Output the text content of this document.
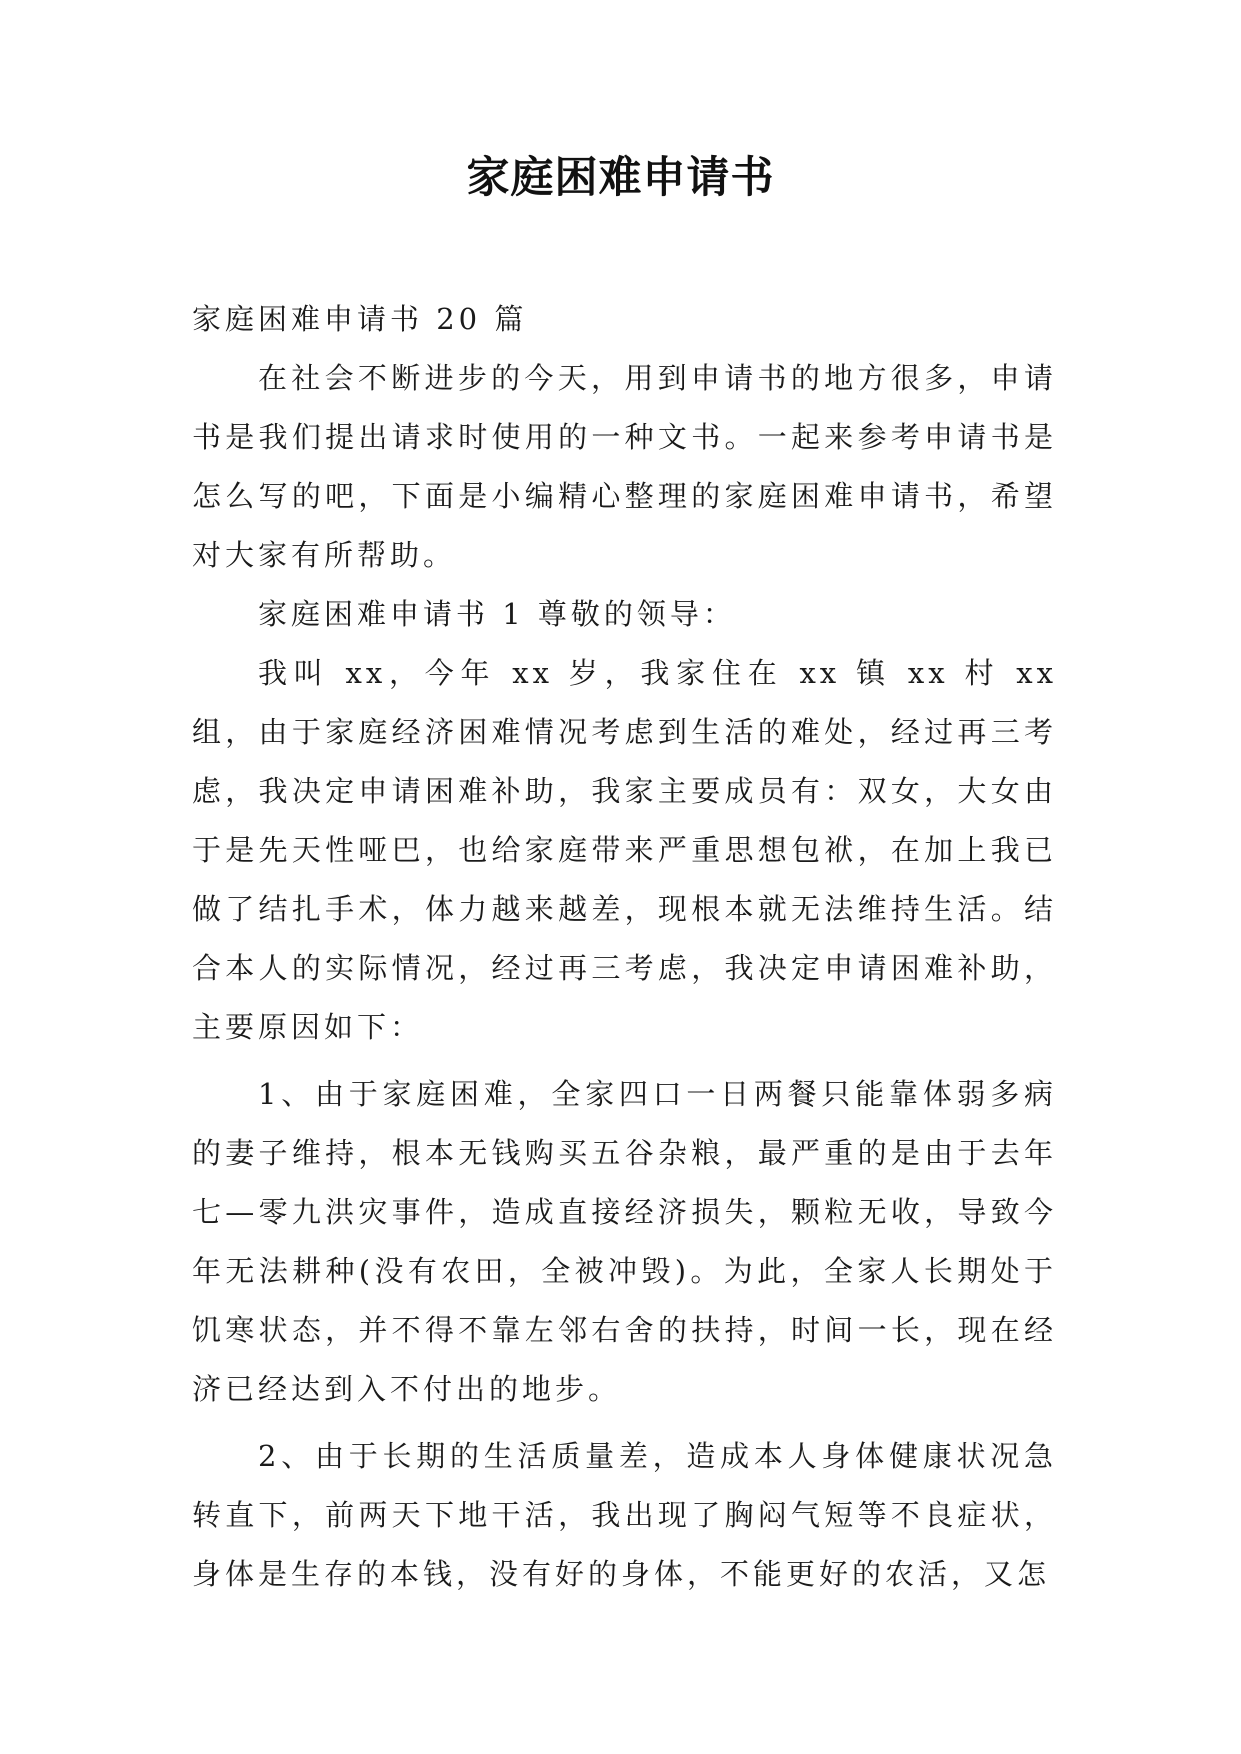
家庭困难申请书

家庭困难申请书 20 篇

在社会不断进步的今天，用到申请书的地方很多，申请书是我们提出请求时使用的一种文书。一起来参考申请书是怎么写的吧，下面是小编精心整理的家庭困难申请书，希望对大家有所帮助。

家庭困难申请书 1 尊敬的领导：

我叫 xx，今年 xx 岁，我家住在 xx 镇 xx 村 xx 组，由于家庭经济困难情况考虑到生活的难处，经过再三考虑，我决定申请困难补助，我家主要成员有：双女，大女由于是先天性哑巴，也给家庭带来严重思想包袱，在加上我已做了结扎手术，体力越来越差，现根本就无法维持生活。结合本人的实际情况，经过再三考虑，我决定申请困难补助，主要原因如下：

1、由于家庭困难，全家四口一日两餐只能靠体弱多病的妻子维持，根本无钱购买五谷杂粮，最严重的是由于去年七—零九洪灾事件，造成直接经济损失，颗粒无收，导致今年无法耕种(没有农田，全被冲毁)。为此，全家人长期处于饥寒状态，并不得不靠左邻右舍的扶持，时间一长，现在经济已经达到入不付出的地步。

2、由于长期的生活质量差，造成本人身体健康状况急转直下，前两天下地干活，我出现了胸闷气短等不良症状，身体是生存的本钱，没有好的身体，不能更好的农活，又怎
